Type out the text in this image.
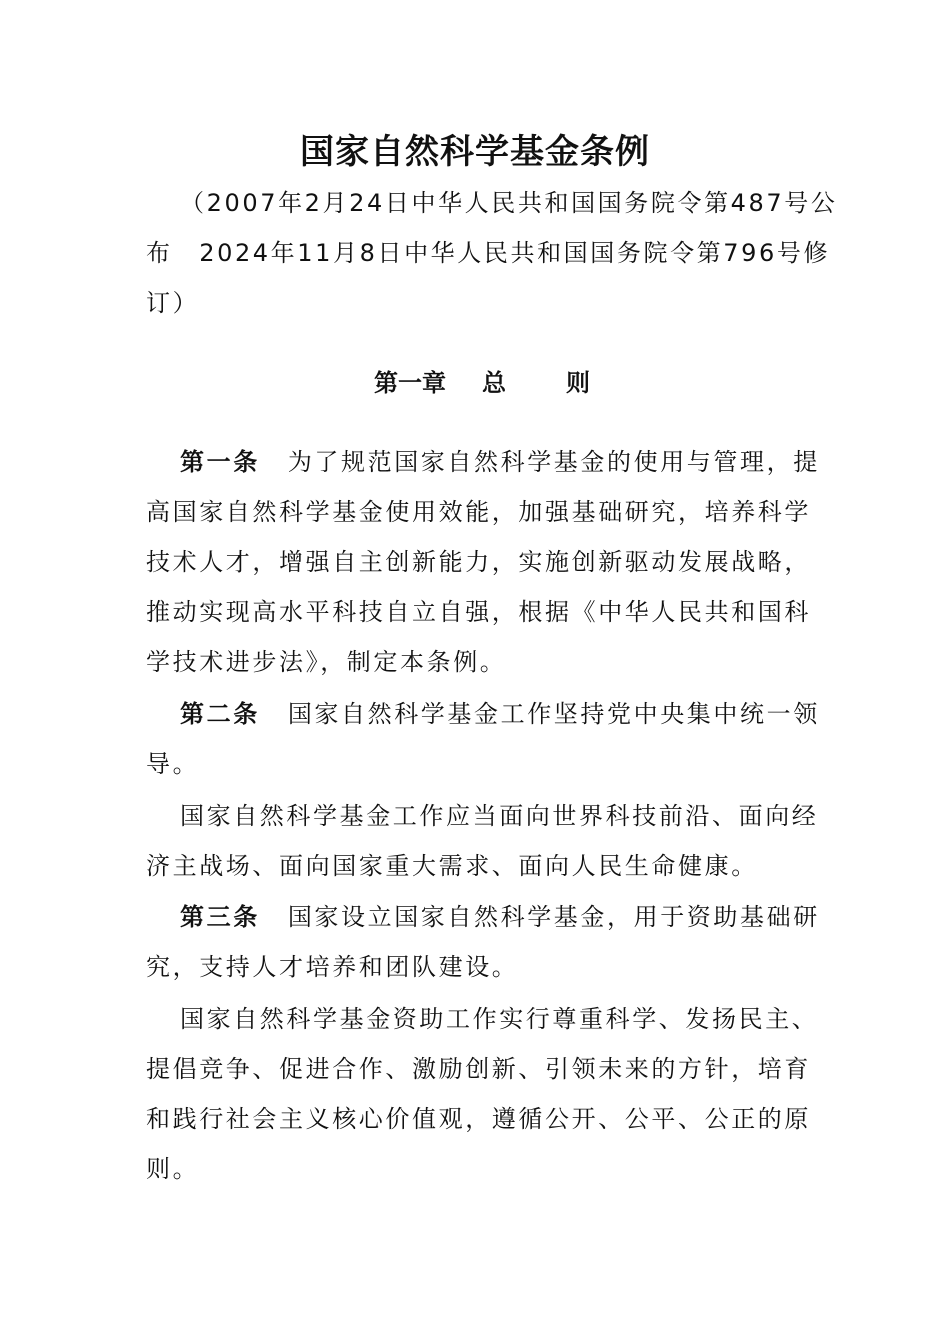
国家自然科学基金条例

（2007年2月24日中华人民共和国国务院令第487号公

布　2024年11月8日中华人民共和国国务院令第796号修

订）

第一章 总	则

第一条 为了规范国家自然科学基金的使用与管理，提

高国家自然科学基金使用效能，加强基础研究，培养科学

技术人才，增强自主创新能力，实施创新驱动发展战略，

推动实现高水平科技自立自强，根据《中华人民共和国科

学技术进步法》，制定本条例。

第二条 国家自然科学基金工作坚持党中央集中统一领

导。

国家自然科学基金工作应当面向世界科技前沿、面向经

济主战场、面向国家重大需求、面向人民生命健康。

第三条 国家设立国家自然科学基金，用于资助基础研

究，支持人才培养和团队建设。

国家自然科学基金资助工作实行尊重科学、发扬民主、

提倡竞争、促进合作、激励创新、引领未来的方针，培育

和践行社会主义核心价值观，遵循公开、公平、公正的原

则。
